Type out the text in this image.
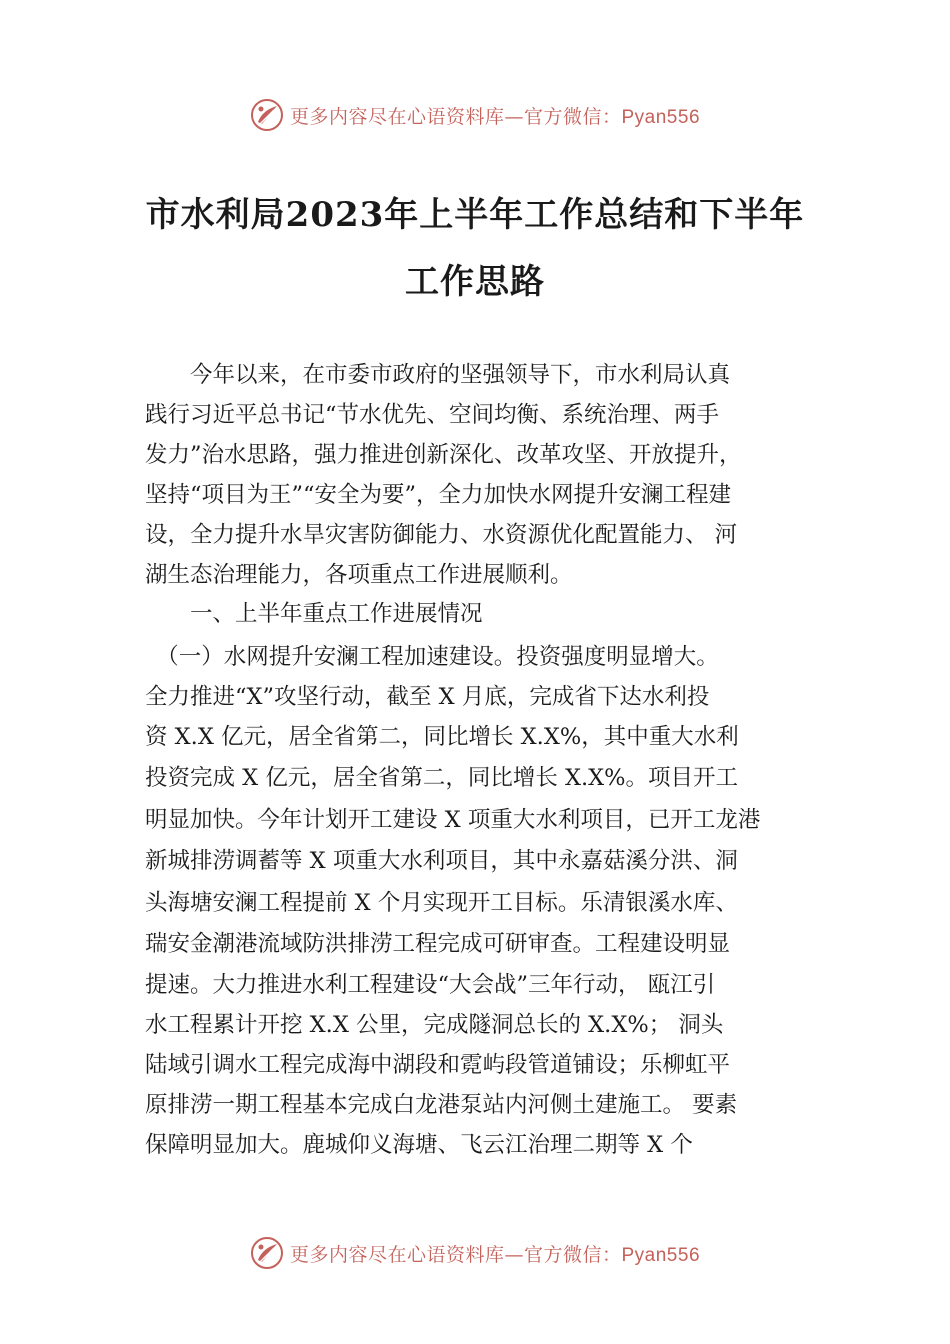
更多内容尽在心语资料库—官方微信：Pyan556
市水利局2023年上半年工作总结和下半年
工作思路
　　今年以来，在市委市政府的坚强领导下，市水利局认真
践行习近平总书记“节水优先、空间均衡、系统治理、两手
发力”治水思路，强力推进创新深化、改革攻坚、开放提升，
坚持“项目为王”“安全为要”，全力加快水网提升安澜工程建
设，全力提升水旱灾害防御能力、水资源优化配置能力、 河
湖生态治理能力，各项重点工作进展顺利。
　　一、上半年重点工作进展情况
　（一）水网提升安澜工程加速建设。投资强度明显增大。
全力推进“X”攻坚行动，截至 X 月底，完成省下达水利投
资 X.X 亿元，居全省第二，同比增长 X.X%，其中重大水利
投资完成 X 亿元，居全省第二，同比增长 X.X%。项目开工
明显加快。今年计划开工建设 X 项重大水利项目，已开工龙港
新城排涝调蓄等 X 项重大水利项目，其中永嘉菇溪分洪、洞
头海塘安澜工程提前 X 个月实现开工目标。乐清银溪水库、
瑞安金潮港流域防洪排涝工程完成可研审查。工程建设明显
提速。大力推进水利工程建设“大会战”三年行动， 瓯江引
水工程累计开挖 X.X 公里，完成隧洞总长的 X.X%； 洞头
陆域引调水工程完成海中湖段和霓屿段管道铺设；乐柳虹平
原排涝一期工程基本完成白龙港泵站内河侧土建施工。 要素
保障明显加大。鹿城仰义海塘、飞云江治理二期等 X 个
更多内容尽在心语资料库—官方微信：Pyan556
